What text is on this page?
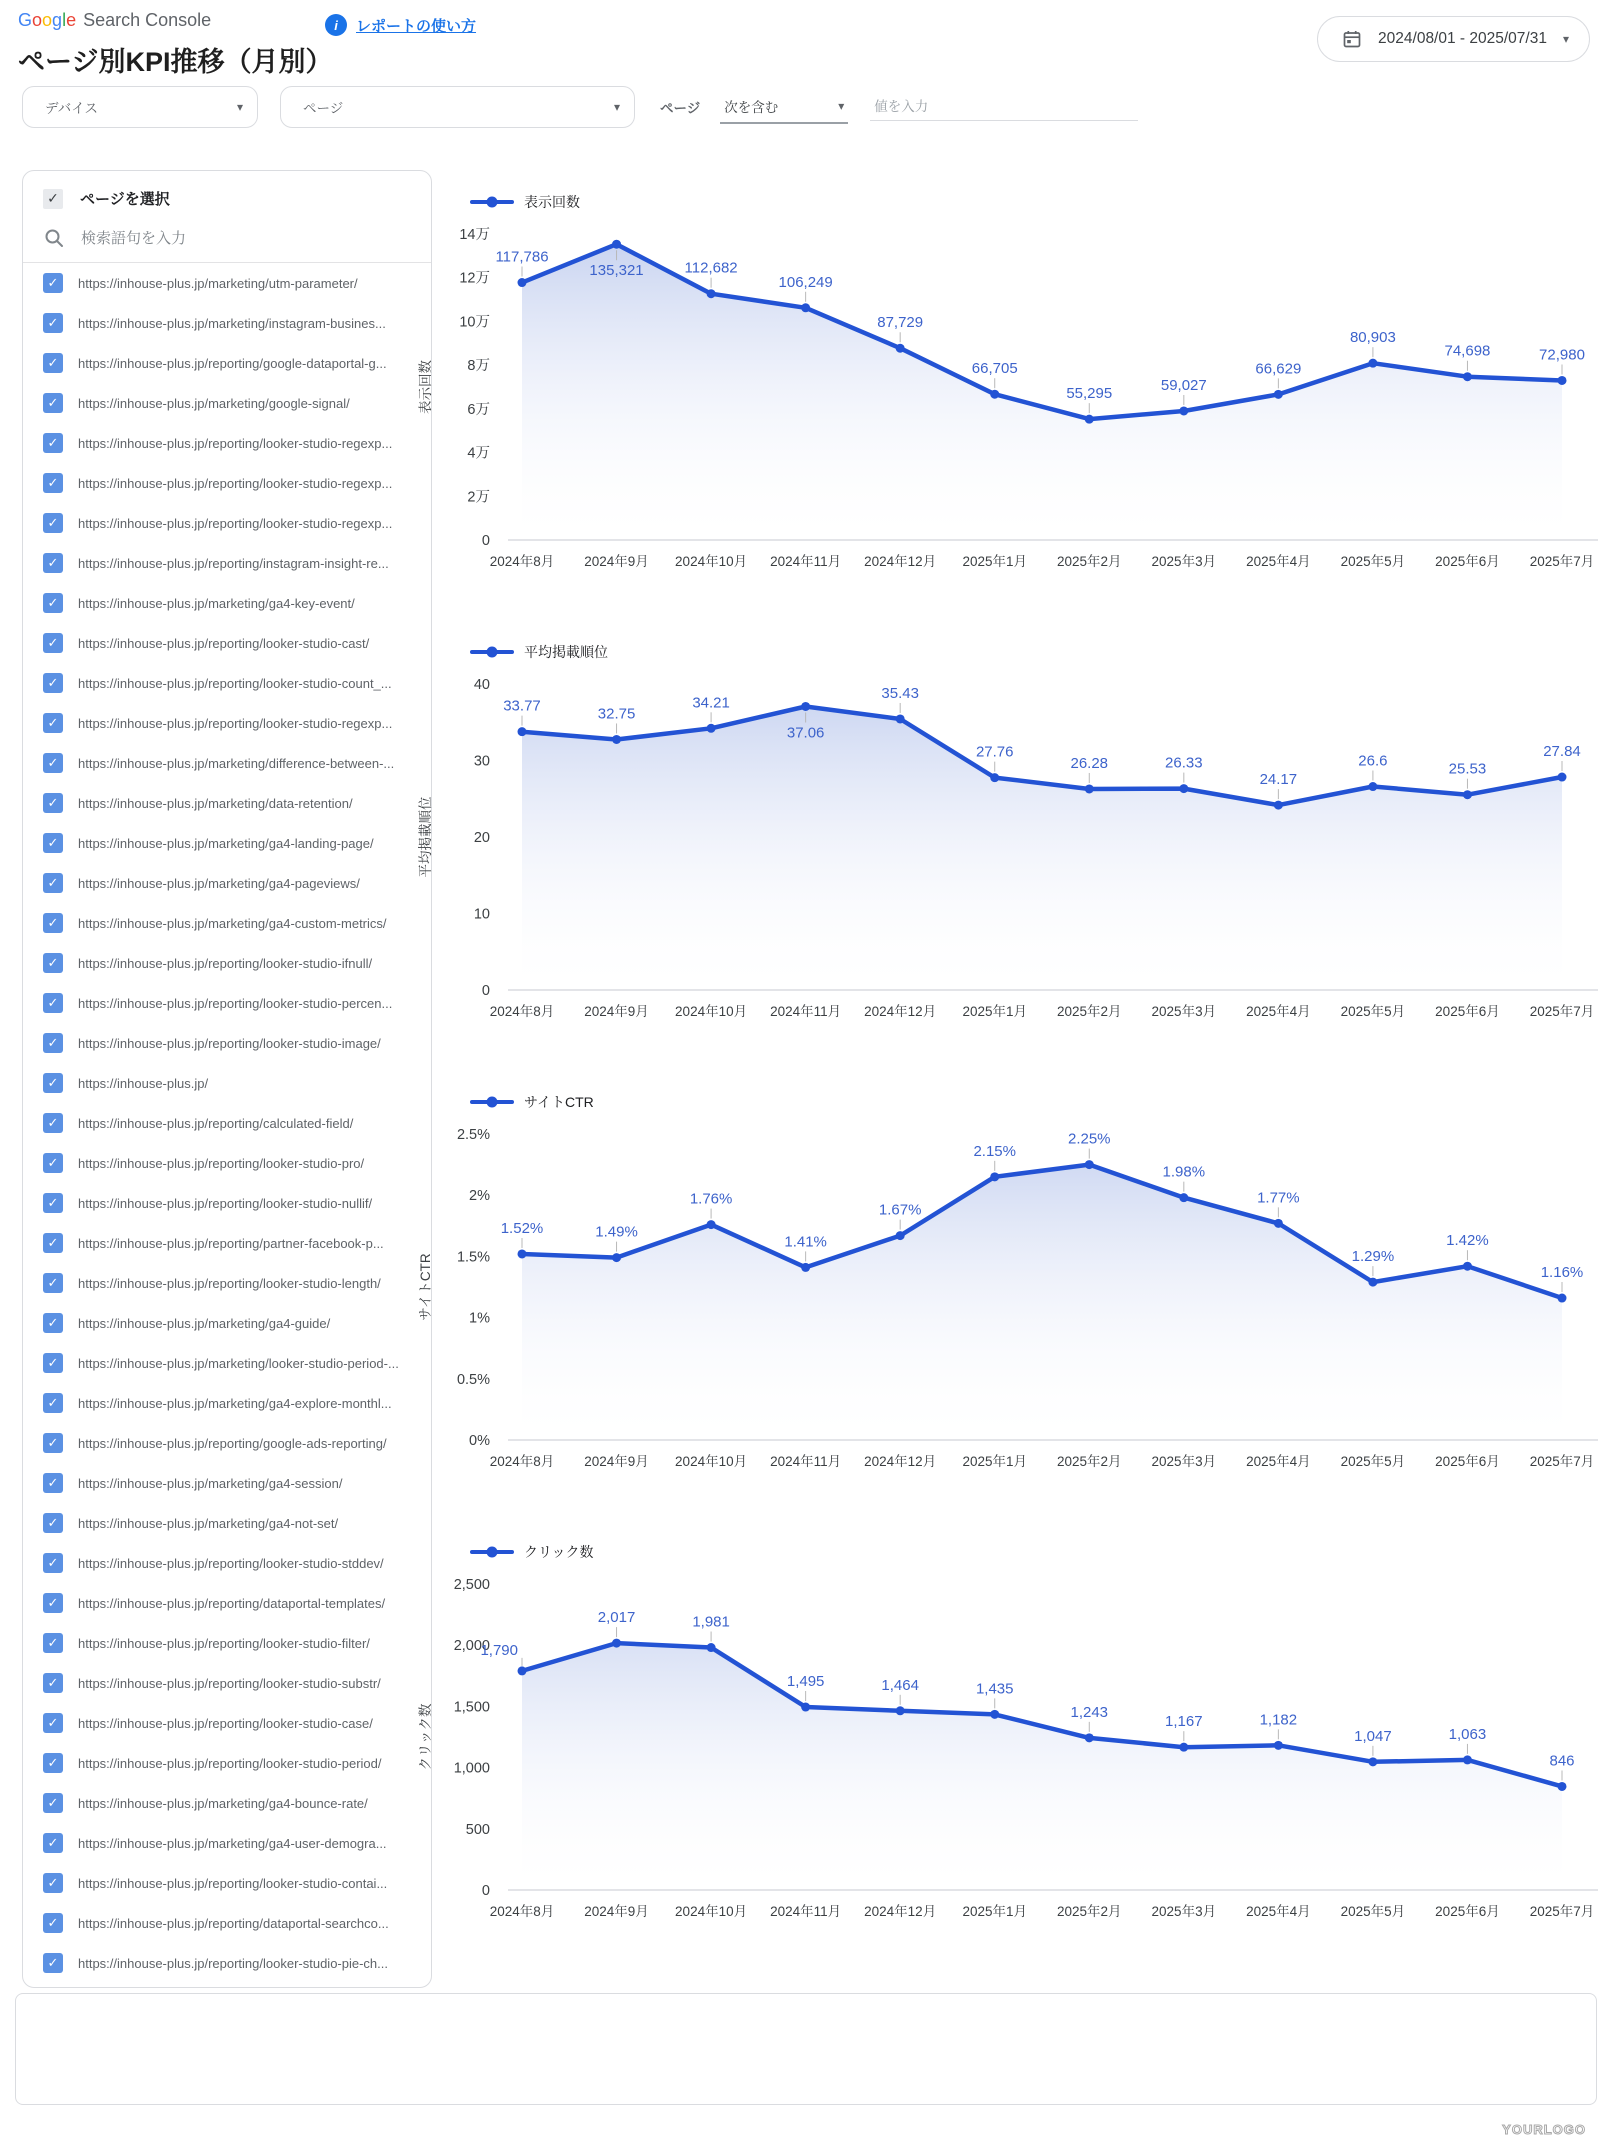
Google Search Console
ページ別KPI推移（月別）
i	レポートの使い方
2024/08/01 - 2025/07/31 ▾
デバイス	▾	ページ	▾	ページ 次を含む	▾
値を入力
✓ ページを選択
検索語句を入力
✓	https://inhouse-plus.jp/marketing/utm-parameter/
✓	https://inhouse-plus.jp/marketing/instagram-busines...
✓	https://inhouse-plus.jp/reporting/google-dataportal-g...
✓	https://inhouse-plus.jp/marketing/google-signal/
✓	https://inhouse-plus.jp/reporting/looker-studio-regexp...
✓	https://inhouse-plus.jp/reporting/looker-studio-regexp...
✓	https://inhouse-plus.jp/reporting/looker-studio-regexp...
✓	https://inhouse-plus.jp/reporting/instagram-insight-re...
✓	https://inhouse-plus.jp/marketing/ga4-key-event/
✓	https://inhouse-plus.jp/reporting/looker-studio-cast/
✓	https://inhouse-plus.jp/reporting/looker-studio-count_...
✓	https://inhouse-plus.jp/reporting/looker-studio-regexp...
✓	https://inhouse-plus.jp/marketing/difference-between-...
✓	https://inhouse-plus.jp/marketing/data-retention/
✓	https://inhouse-plus.jp/marketing/ga4-landing-page/
✓	https://inhouse-plus.jp/marketing/ga4-pageviews/
✓	https://inhouse-plus.jp/marketing/ga4-custom-metrics/
✓	https://inhouse-plus.jp/reporting/looker-studio-ifnull/
✓	https://inhouse-plus.jp/reporting/looker-studio-percen...
✓	https://inhouse-plus.jp/reporting/looker-studio-image/
✓	https://inhouse-plus.jp/
✓	https://inhouse-plus.jp/reporting/calculated-field/
✓	https://inhouse-plus.jp/reporting/looker-studio-pro/
✓	https://inhouse-plus.jp/reporting/looker-studio-nullif/
✓	https://inhouse-plus.jp/reporting/partner-facebook-p...
✓	https://inhouse-plus.jp/reporting/looker-studio-length/
✓	https://inhouse-plus.jp/marketing/ga4-guide/
✓	https://inhouse-plus.jp/marketing/looker-studio-period-...
✓	https://inhouse-plus.jp/marketing/ga4-explore-monthl...
✓	https://inhouse-plus.jp/reporting/google-ads-reporting/
✓	https://inhouse-plus.jp/marketing/ga4-session/
✓	https://inhouse-plus.jp/marketing/ga4-not-set/
✓	https://inhouse-plus.jp/reporting/looker-studio-stddev/
✓	https://inhouse-plus.jp/reporting/dataportal-templates/
✓	https://inhouse-plus.jp/reporting/looker-studio-filter/
✓	https://inhouse-plus.jp/reporting/looker-studio-substr/
✓	https://inhouse-plus.jp/reporting/looker-studio-case/
✓	https://inhouse-plus.jp/reporting/looker-studio-period/
✓	https://inhouse-plus.jp/marketing/ga4-bounce-rate/
✓	https://inhouse-plus.jp/marketing/ga4-user-demogra...
✓	https://inhouse-plus.jp/reporting/looker-studio-contai...
✓	https://inhouse-plus.jp/reporting/dataportal-searchco...
✓	https://inhouse-plus.jp/reporting/looker-studio-pie-ch...
表示回数
14万
12万
10万
8万
6万
4万
2万
0
表示回数
2024年8月 2024年9月 2024年10月 2024年11月 2024年12月 2025年1月 2025年2月 2025年3月 2025年4月 2025年5月 2025年6月 2025年7月
117,786
135,321	112,682
106,249
87,729
66,705
55,295	59,027
66,629
80,903
74,698	72,980
平均掲載順位
40
30
20
10
0
平均掲載順位
2024年8月 2024年9月 2024年10月 2024年11月 2024年12月 2025年1月 2025年2月 2025年3月 2025年4月 2025年5月 2025年6月 2025年7月
33.77	32.75
34.21
37.06
35.43
27.76
26.28	26.33
24.17
26.6	25.53
27.84
サイトCTR
2.5%
2%
1.5%
1%
0.5%
0%
サイトCTR
2024年8月 2024年9月 2024年10月 2024年11月 2024年12月 2025年1月 2025年2月 2025年3月 2025年4月 2025年5月 2025年6月 2025年7月
1.52%	1.49%
1.76%
1.41%
1.67%
2.15%
2.25%
1.98%
1.77%
1.29%
1.42%
1.16%
クリック数
2,500
2,000
1,500
1,000
500
0
クリック数
2024年8月 2024年9月 2024年10月 2024年11月 2024年12月 2025年1月 2025年2月 2025年3月 2025年4月 2025年5月 2025年6月 2025年7月
1,790
2,017	1,981
1,495	1,464	1,435
1,243
1,167	1,182
1,047	1,063
846
YOURLOGO
